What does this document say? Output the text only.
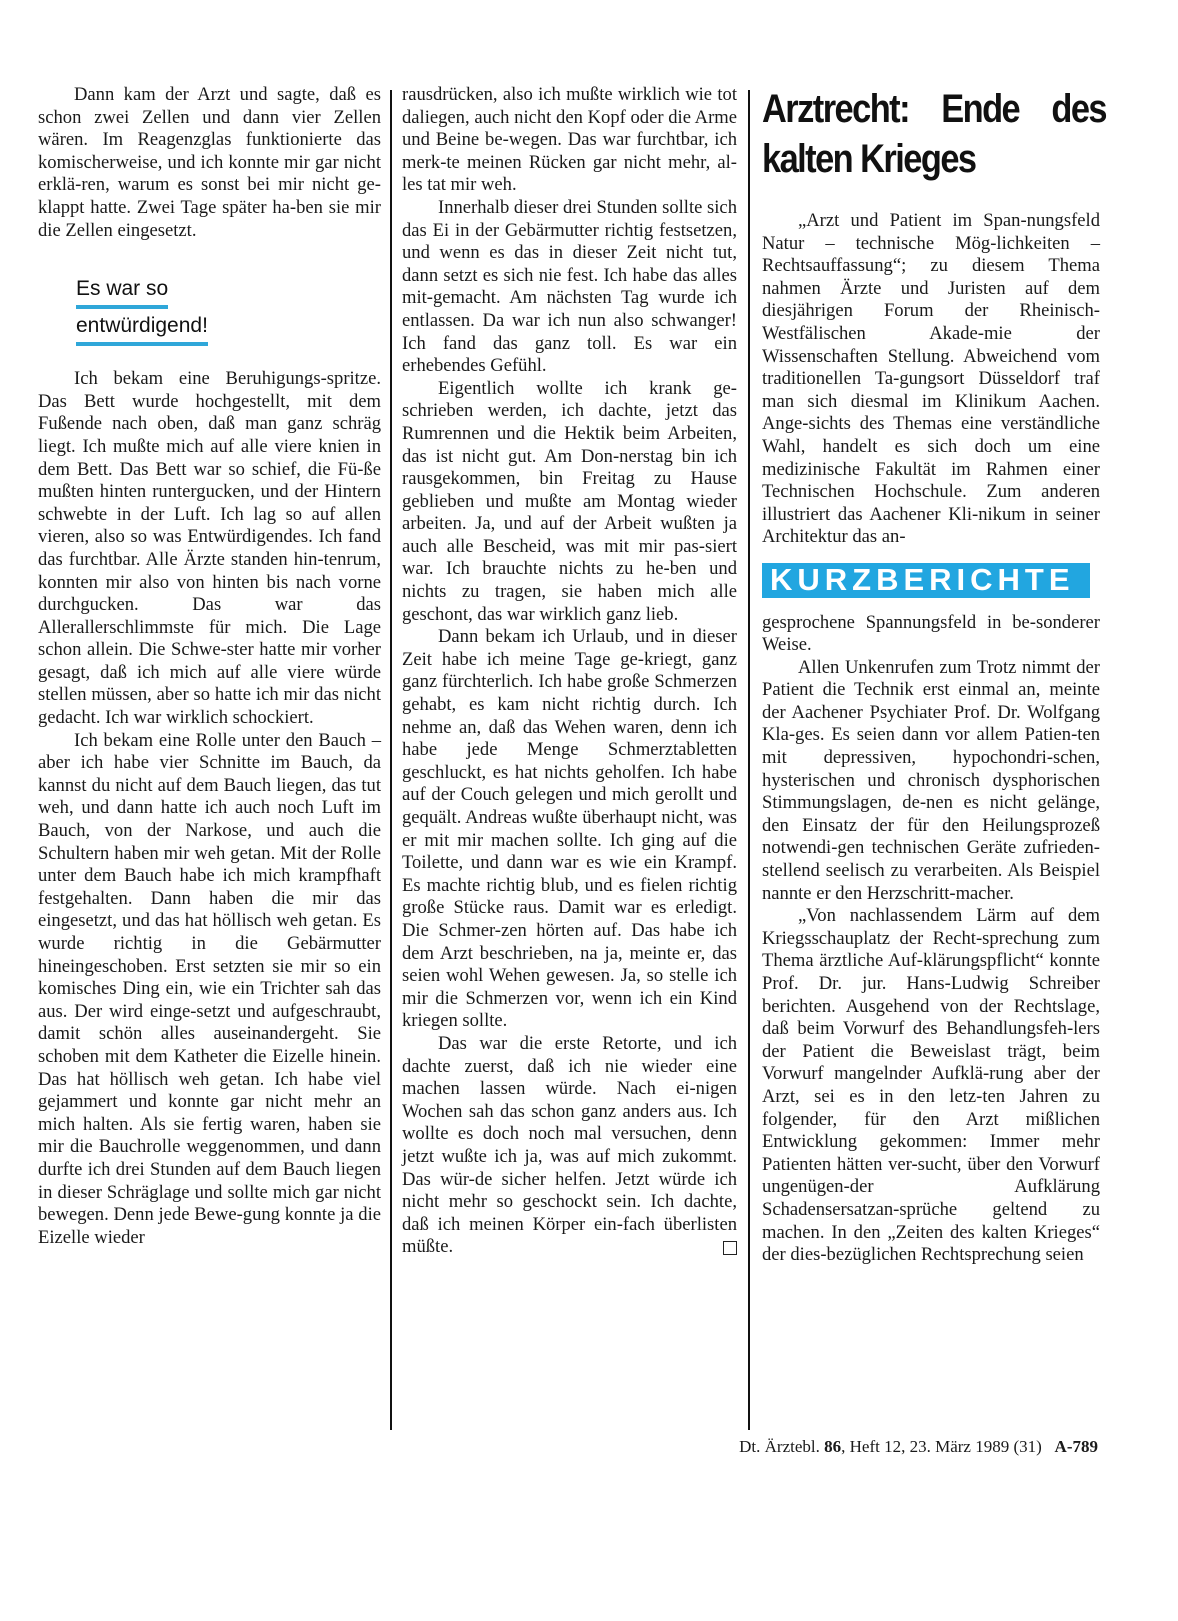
Dann kam der Arzt und sagte, daß es schon zwei Zellen und dann vier Zellen wären. Im Reagenzglas funktionierte das komischerweise, und ich konnte mir gar nicht erklä-ren, warum es sonst bei mir nicht ge-klappt hatte. Zwei Tage später ha-ben sie mir die Zellen eingesetzt.

Es war so
entwürdigend!

Ich bekam eine Beruhigungs-spritze. Das Bett wurde hochgestellt, mit dem Fußende nach oben, daß man ganz schräg liegt. Ich mußte mich auf alle viere knien in dem Bett. Das Bett war so schief, die Fü-ße mußten hinten runtergucken, und der Hintern schwebte in der Luft. Ich lag so auf allen vieren, also so was Entwürdigendes. Ich fand das furchtbar. Alle Ärzte standen hin-tenrum, konnten mir also von hinten bis nach vorne durchgucken. Das war das Allerallerschlimmste für mich. Die Lage schon allein. Die Schwe-ster hatte mir vorher gesagt, daß ich mich auf alle viere würde stellen müssen, aber so hatte ich mir das nicht gedacht. Ich war wirklich schockiert.

Ich bekam eine Rolle unter den Bauch – aber ich habe vier Schnitte im Bauch, da kannst du nicht auf dem Bauch liegen, das tut weh, und dann hatte ich auch noch Luft im Bauch, von der Narkose, und auch die Schultern haben mir weh getan. Mit der Rolle unter dem Bauch habe ich mich krampfhaft festgehalten. Dann haben die mir das eingesetzt, und das hat höllisch weh getan. Es wurde richtig in die Gebärmutter hineingeschoben. Erst setzten sie mir so ein komisches Ding ein, wie ein Trichter sah das aus. Der wird einge-setzt und aufgeschraubt, damit schön alles auseinandergeht. Sie schoben mit dem Katheter die Eizelle hinein. Das hat höllisch weh getan. Ich habe viel gejammert und konnte gar nicht mehr an mich halten. Als sie fertig waren, haben sie mir die Bauchrolle weggenommen, und dann durfte ich drei Stunden auf dem Bauch liegen in dieser Schräglage und sollte mich gar nicht bewegen. Denn jede Bewe-gung konnte ja die Eizelle wieder

rausdrücken, also ich mußte wirklich wie tot daliegen, auch nicht den Kopf oder die Arme und Beine be-wegen. Das war furchtbar, ich merk-te meinen Rücken gar nicht mehr, al-les tat mir weh.

Innerhalb dieser drei Stunden sollte sich das Ei in der Gebärmutter richtig festsetzen, und wenn es das in dieser Zeit nicht tut, dann setzt es sich nie fest. Ich habe das alles mit-gemacht. Am nächsten Tag wurde ich entlassen. Da war ich nun also schwanger! Ich fand das ganz toll. Es war ein erhebendes Gefühl.

Eigentlich wollte ich krank ge-schrieben werden, ich dachte, jetzt das Rumrennen und die Hektik beim Arbeiten, das ist nicht gut. Am Don-nerstag bin ich rausgekommen, bin Freitag zu Hause geblieben und mußte am Montag wieder arbeiten. Ja, und auf der Arbeit wußten ja auch alle Bescheid, was mit mir pas-siert war. Ich brauchte nichts zu he-ben und nichts zu tragen, sie haben mich alle geschont, das war wirklich ganz lieb.

Dann bekam ich Urlaub, und in dieser Zeit habe ich meine Tage ge-kriegt, ganz ganz fürchterlich. Ich habe große Schmerzen gehabt, es kam nicht richtig durch. Ich nehme an, daß das Wehen waren, denn ich habe jede Menge Schmerztabletten geschluckt, es hat nichts geholfen. Ich habe auf der Couch gelegen und mich gerollt und gequält. Andreas wußte überhaupt nicht, was er mit mir machen sollte. Ich ging auf die Toilette, und dann war es wie ein Krampf. Es machte richtig blub, und es fielen richtig große Stücke raus. Damit war es erledigt. Die Schmer-zen hörten auf. Das habe ich dem Arzt beschrieben, na ja, meinte er, das seien wohl Wehen gewesen. Ja, so stelle ich mir die Schmerzen vor, wenn ich ein Kind kriegen sollte.

Das war die erste Retorte, und ich dachte zuerst, daß ich nie wieder eine machen lassen würde. Nach ei-nigen Wochen sah das schon ganz anders aus. Ich wollte es doch noch mal versuchen, denn jetzt wußte ich ja, was auf mich zukommt. Das wür-de sicher helfen. Jetzt würde ich nicht mehr so geschockt sein. Ich dachte, daß ich meinen Körper ein-fach überlisten müßte.

Arztrecht: Ende des kalten Krieges

„Arzt und Patient im Span-nungsfeld Natur – technische Mög-lichkeiten – Rechtsauffassung“; zu diesem Thema nahmen Ärzte und Juristen auf dem diesjährigen Forum der Rheinisch-Westfälischen Akade-mie der Wissenschaften Stellung. Abweichend vom traditionellen Ta-gungsort Düsseldorf traf man sich diesmal im Klinikum Aachen. Ange-sichts des Themas eine verständliche Wahl, handelt es sich doch um eine medizinische Fakultät im Rahmen einer Technischen Hochschule. Zum anderen illustriert das Aachener Kli-nikum in seiner Architektur das an-

KURZBERICHTE

gesprochene Spannungsfeld in be-sonderer Weise.

Allen Unkenrufen zum Trotz nimmt der Patient die Technik erst einmal an, meinte der Aachener Psychiater Prof. Dr. Wolfgang Kla-ges. Es seien dann vor allem Patien-ten mit depressiven, hypochondri-schen, hysterischen und chronisch dysphorischen Stimmungslagen, de-nen es nicht gelänge, den Einsatz der für den Heilungsprozeß notwendi-gen technischen Geräte zufrieden-stellend seelisch zu verarbeiten. Als Beispiel nannte er den Herzschritt-macher.

„Von nachlassendem Lärm auf dem Kriegsschauplatz der Recht-sprechung zum Thema ärztliche Auf-klärungspflicht“ konnte Prof. Dr. jur. Hans-Ludwig Schreiber berichten. Ausgehend von der Rechtslage, daß beim Vorwurf des Behandlungsfeh-lers der Patient die Beweislast trägt, beim Vorwurf mangelnder Aufklä-rung aber der Arzt, sei es in den letz-ten Jahren zu folgender, für den Arzt mißlichen Entwicklung gekommen: Immer mehr Patienten hätten ver-sucht, über den Vorwurf ungenügen-der Aufklärung Schadensersatzan-sprüche geltend zu machen. In den „Zeiten des kalten Krieges“ der dies-bezüglichen Rechtsprechung seien

Dt. Ärztebl. 86, Heft 12, 23. März 1989 (31) A-789
